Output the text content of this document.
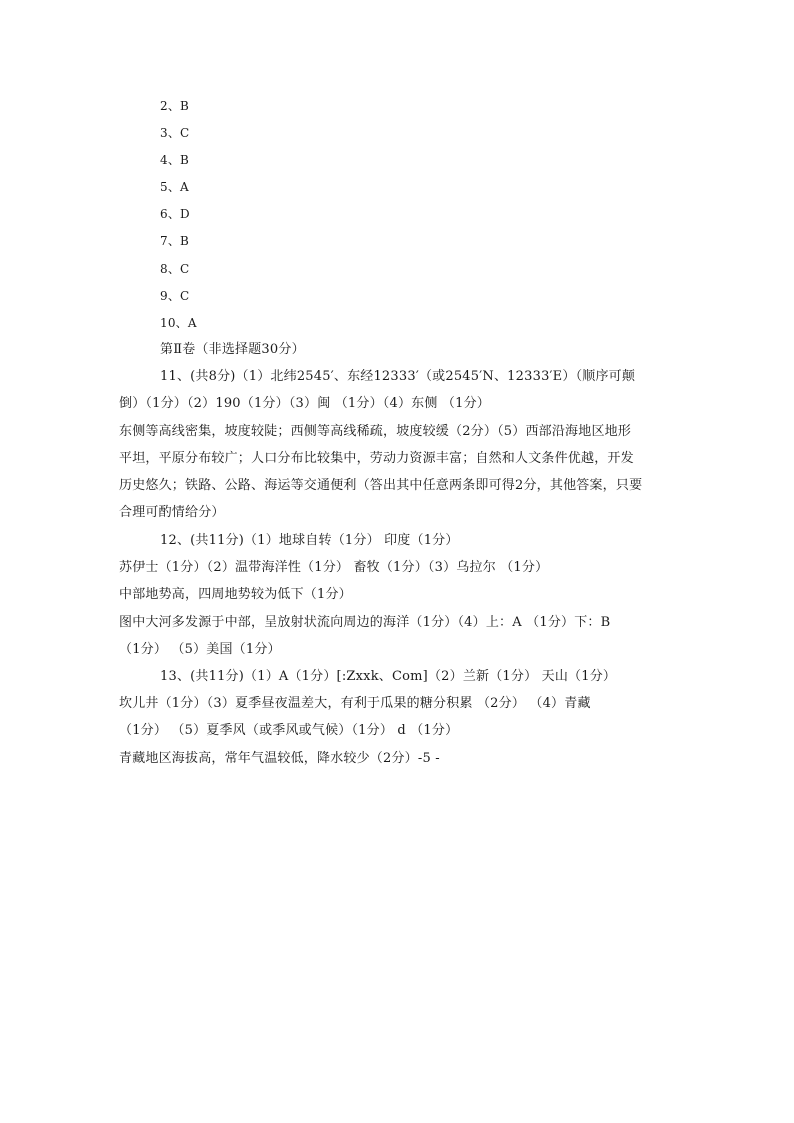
2、B
3、C
4、B
5、A
6、D
7、B
8、C
9、C
10、A
第Ⅱ卷（非选择题30分）
11、(共8分)（1）北纬2545′、东经12333′（或2545′N、12333′E）（顺序可颠
倒）（1分）（2）190（1分）（3）闽 （1分）（4）东侧 （1分）
东侧等高线密集，坡度较陡；西侧等高线稀疏，坡度较缓（2分）（5）西部沿海地区地形
平坦，平原分布较广；人口分布比较集中，劳动力资源丰富；自然和人文条件优越，开发
历史悠久；铁路、公路、海运等交通便利（答出其中任意两条即可得2分，其他答案，只要
合理可酌情给分）
12、(共11分)（1）地球自转（1分） 印度（1分）
苏伊士（1分）（2）温带海洋性（1分） 畜牧（1分）（3）乌拉尔 （1分）
中部地势高，四周地势较为低下（1分）
图中大河多发源于中部，呈放射状流向周边的海洋（1分）（4）上：A （1分）下：B
（1分） （5）美国（1分）
13、(共11分)（1）A（1分）[:Zxxk、Com]（2）兰新（1分） 天山（1分）
坎儿井（1分）（3）夏季昼夜温差大，有利于瓜果的糖分积累 （2分） （4）青藏
（1分） （5）夏季风（或季风或气候）（1分） d （1分）
青藏地区海拔高，常年气温较低，降水较少（2分）-5 -
